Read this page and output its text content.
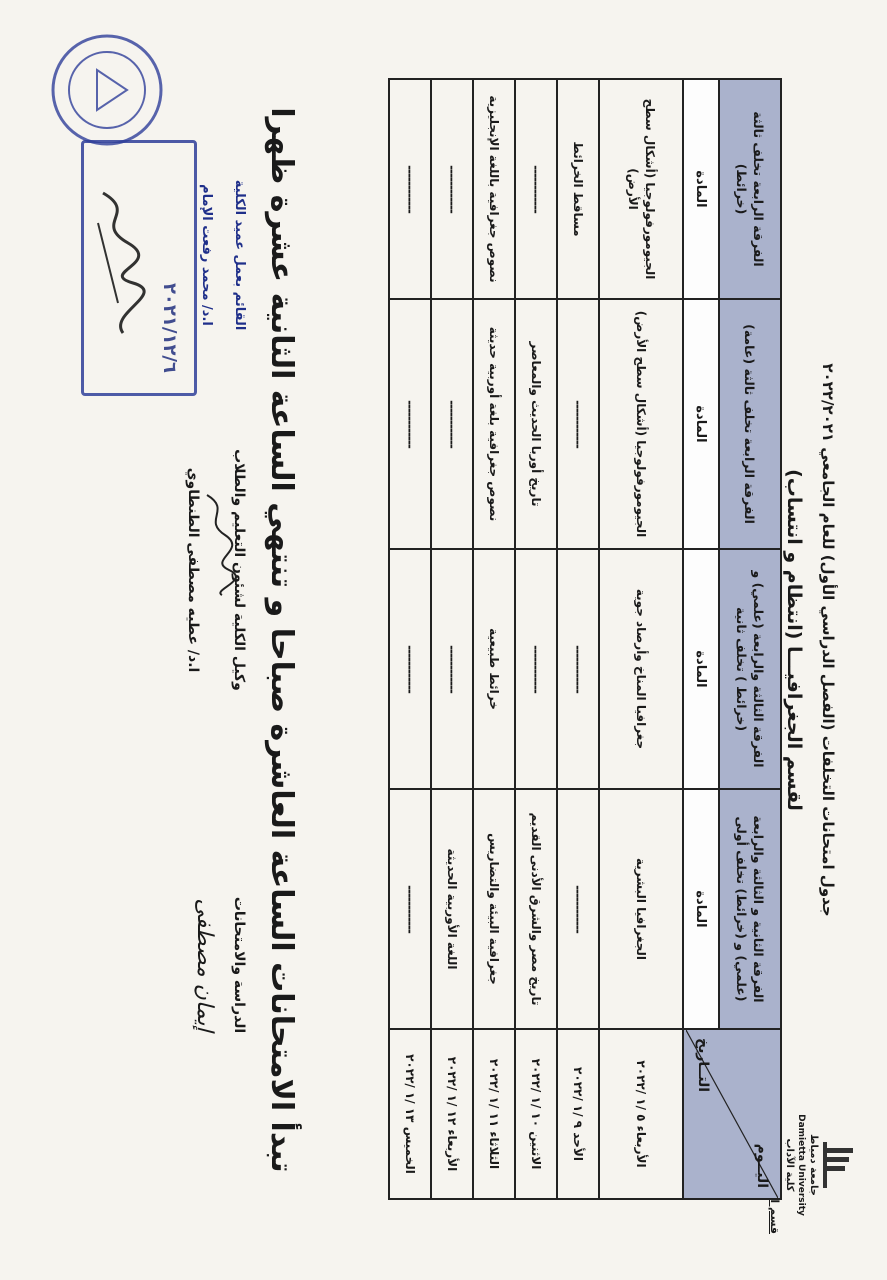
جامعة دمياط
Damietta University
كلية الآداب
جدول امتحانات التخلفات (الفصل الدراسي الأول) للعام الجامعي ٢٠٢٢/٢٠٢١
لقسم الجغرافيـــا (انتظام و انتساب)
اليــوم
التــاريخ	الفرقة الثانية و الثالثة والرابعة (علمي) و (خرائط) تخلف أولى	الفرقة الثالثة والرابعة (علمي) و (خرائط ) تخلف ثانية	الفرقة الرابعة تخلف ثالثة (عامة)	الفرقة الرابعة تخلف ثالثة (خرائط)
	المادة	المادة	المادة	المادة
الأربعاء ٥ /١ /٢٠٢٢	الجغرافيا البشرية	جغرافيا المناخ وأرصاد جوية	الجيومورفولوجيا (أشكال سطح الأرض)	الجيومورفولوجيا (أشكال سطح الأرض)
الأحد ٩ /١ /٢٠٢٢	------------	------------	------------	مساقط الخرائط
الاثنين ١٠ /١ /٢٠٢٢	تاريخ مصر والشرق الأدنى القديم	------------	تاريخ أوربا الحديث والمعاصر	------------
الثلاثاء ١١ /١ /٢٠٢٢	جغرافية البيئة والتضاريس	خرائط طبيعية	نصوص جغرافية بلغة أوربية حديثة	نصوص جغرافية باللغة الإنجليزية
الأربعاء ١٢ /١ /٢٠٢٢	اللغة الأوربية الحديثة	------------	------------	------------
الخميس ١٣ /١ /٢٠٢٢	------------	------------	------------	------------
تبدأ الامتحانات الساعة العاشرة صباحا و تنتهي الساعة الثانية عشرة ظهرا
الدراسة والامتحانات
إيمان مصطفى
وكيل الكلية لشئون التعليم والطلاب
ا.د/ عطيه مصطفى الطنطاوي
القائم بعمل عميد الكلية
ا.د/ محمد رفعت الإمام
٢٠٢١/١٢/٦
